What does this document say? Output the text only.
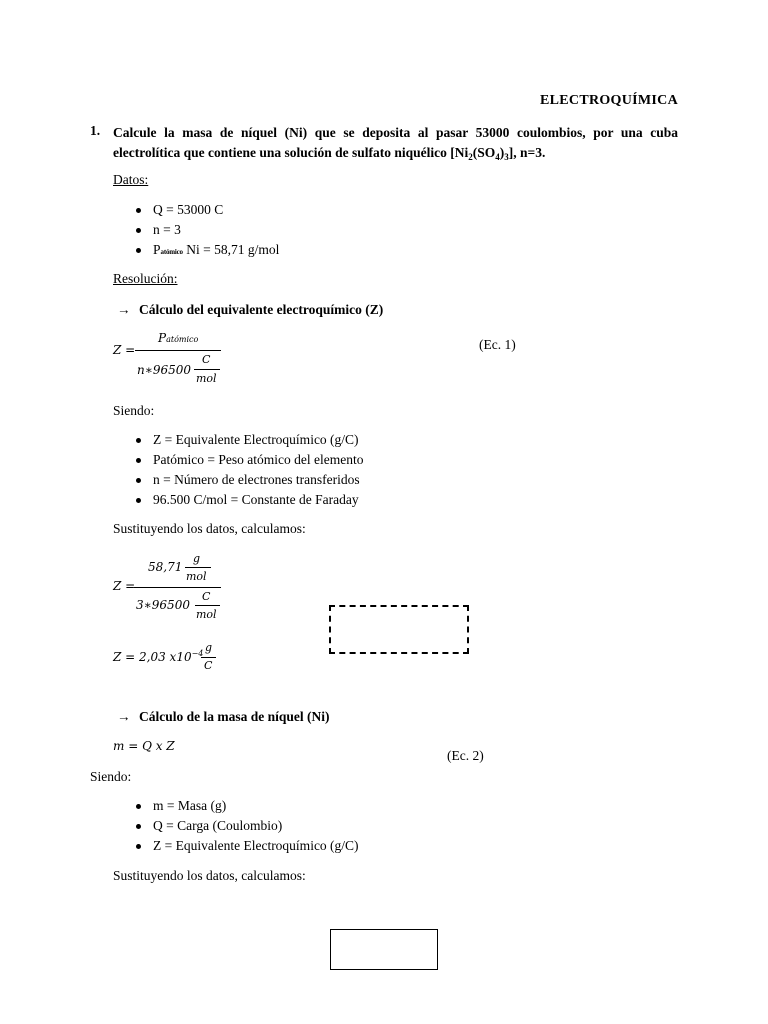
ELECTROQUÍMICA
1. Calcule la masa de níquel (Ni) que se deposita al pasar 53000 coulombios, por una cuba
electrolítica que contiene una solución de sulfato niquélico $[Ni_2(SO_4)_3]$, n=3.
Datos:
Q = 53000 C
n = 3
Patómico Ni = 58,71 g/mol
Resolución:
→ Cálculo del equivalente electroquímico (Z)
Z =
Patómico
n∗96500
C
mol
(Ec. 1)
Siendo:
Z = Equivalente Electroquímico (g/C)
Patómico = Peso atómico del elemento
n = Número de electrones transferidos
96.500 C/mol = Constante de Faraday
Sustituyendo los datos, calculamos:
Z =
58,71
g
mol
3∗96500
C
mol
Z = 2,03 $x10^{-4}$ g
C
→ Cálculo de la masa de níquel (Ni)
m = Q x Z
(Ec. 2)
Siendo:
m = Masa (g)
Q = Carga (Coulombio)
Z = Equivalente Electroquímico (g/C)
Sustituyendo los datos, calculamos:
